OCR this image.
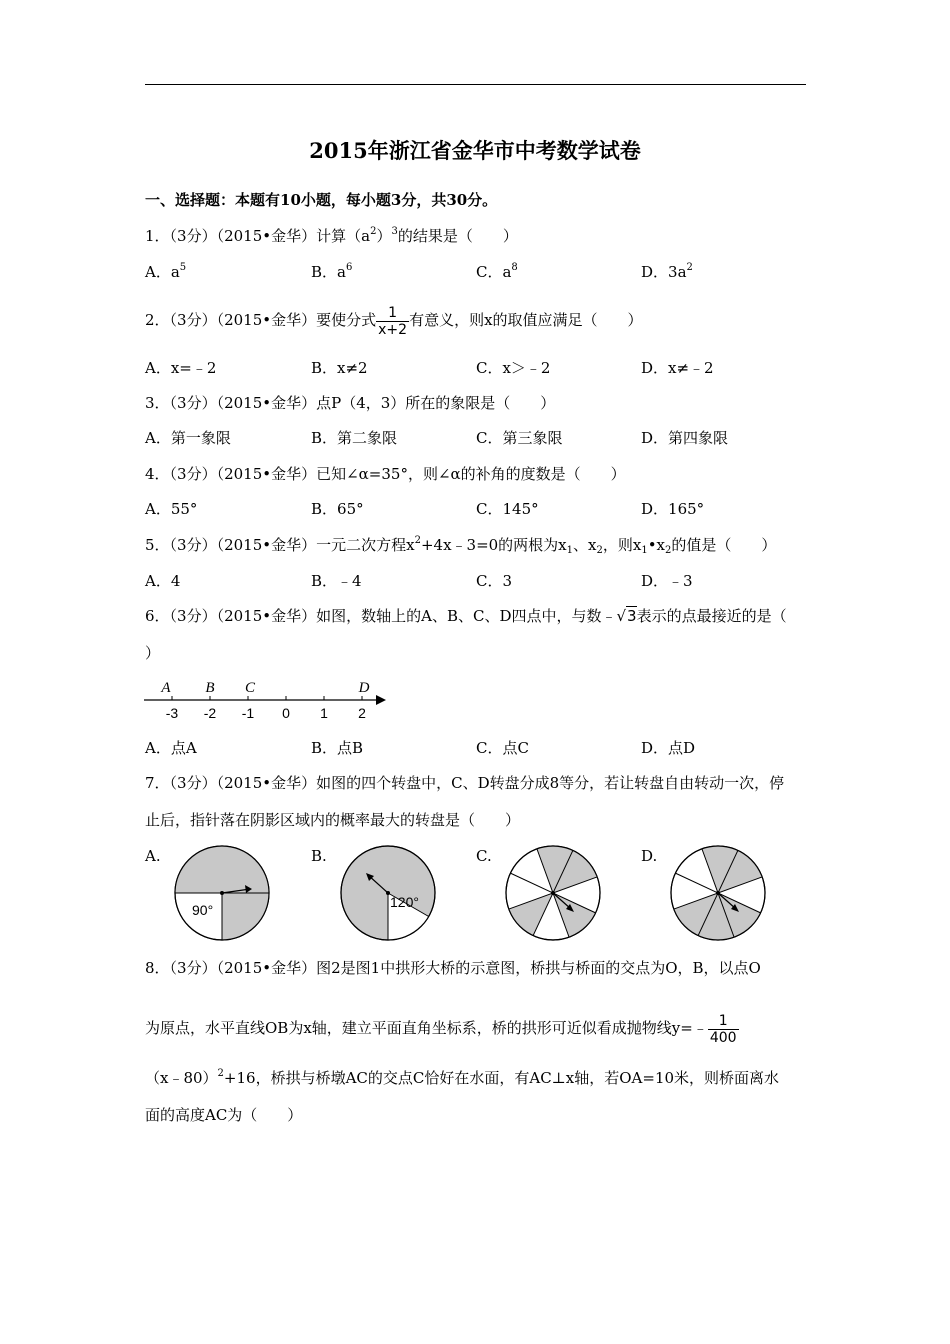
2015年浙江省金华市中考数学试卷
一、选择题：本题有10小题，每小题3分，共30分。
1．（3分）（2015•金华）计算$(a^2)^3$的结果是（　　）
A．$a^5$	B．$a^6$	C．$a^8$	D．$3a^2$
2．（3分）（2015•金华）要使分式 $\frac{1}{x+2}$ 有意义，则x的取值应满足（　　）
A．x=﹣2	B．x≠2	C．x＞﹣2	D．x≠﹣2
3．（3分）（2015•金华）点P（4，3）所在的象限是（　　）
A．第一象限	B．第二象限	C．第三象限	D．第四象限
4．（3分）（2015•金华）已知∠α=35°，则∠α的补角的度数是（　　）
A．55°	B．65°	C．145°	D．165°
5．（3分）（2015•金华）一元二次方程$x^2+4x﹣3=0$的两根为$x_1$、$x_2$，则$x_1•x_2$的值是（　　）
A．4	B．﹣4	C．3	D．﹣3
6．（3分）（2015•金华）如图，数轴上的A、B、C、D四点中，与数﹣√3表示的点最接近的是（
）
A B C	D
-3 -2 -1 0 1 2
A．点A	B．点B	C．点C	D．点D
7．（3分）（2015•金华）如图的四个转盘中，C、D转盘分成8等分，若让转盘自由转动一次，停
止后，指针落在阴影区域内的概率最大的转盘是（　　）
A.	B.	C.	D.
90°	120°
8．（3分）（2015•金华）图2是图1中拱形大桥的示意图，桥拱与桥面的交点为O，B，以点O
为原点，水平直线OB为x轴，建立平面直角坐标系，桥的拱形可近似看成抛物线y=﹣ $\frac{1}{400}$
（x﹣80）$^2$+16，桥拱与桥墩AC的交点C恰好在水面，有AC⊥x轴，若OA=10米，则桥面离水
面的高度AC为（　　）
